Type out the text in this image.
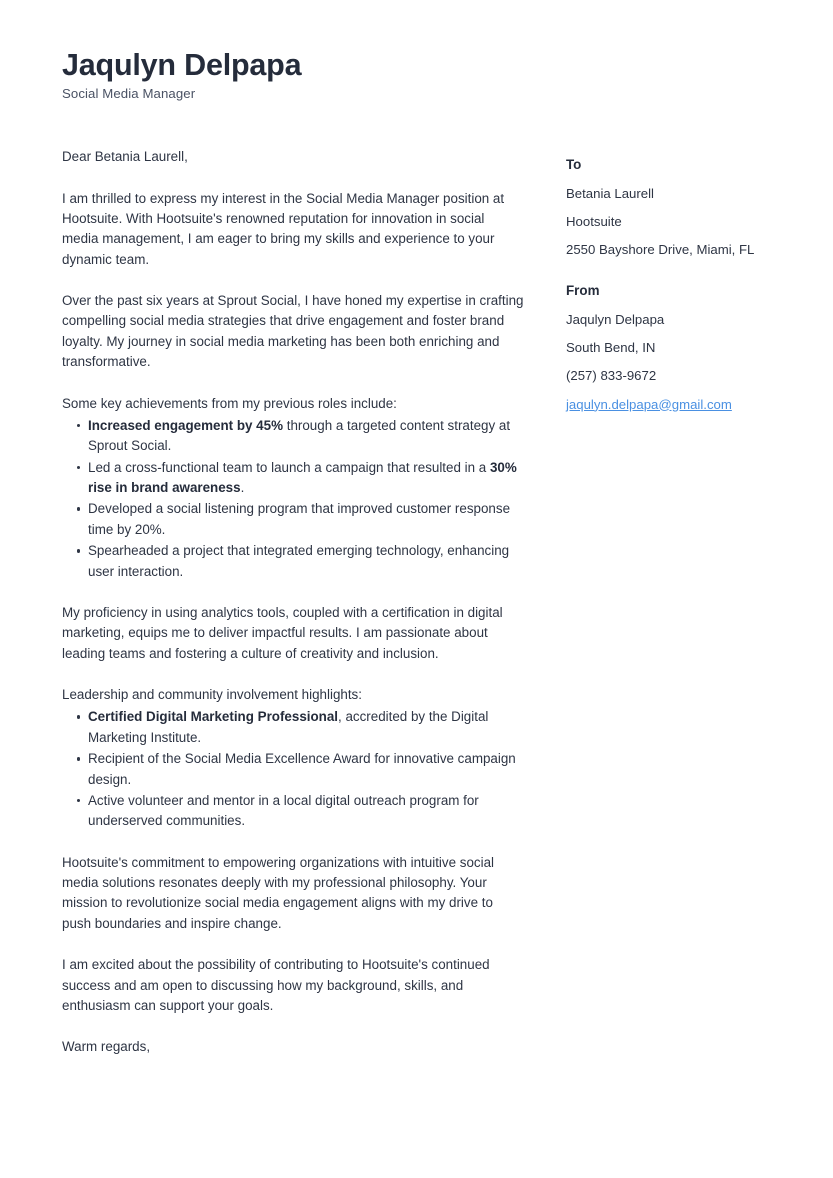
Jaqulyn Delpapa

Social Media Manager

Dear Betania Laurell,

I am thrilled to express my interest in the Social Media Manager position at Hootsuite. With Hootsuite's renowned reputation for innovation in social media management, I am eager to bring my skills and experience to your dynamic team.

Over the past six years at Sprout Social, I have honed my expertise in crafting compelling social media strategies that drive engagement and foster brand loyalty. My journey in social media marketing has been both enriching and transformative.

Some key achievements from my previous roles include:

Increased engagement by 45% through a targeted content strategy at Sprout Social.
Led a cross-functional team to launch a campaign that resulted in a 30% rise in brand awareness.
Developed a social listening program that improved customer response time by 20%.
Spearheaded a project that integrated emerging technology, enhancing user interaction.

My proficiency in using analytics tools, coupled with a certification in digital marketing, equips me to deliver impactful results. I am passionate about leading teams and fostering a culture of creativity and inclusion.

Leadership and community involvement highlights:

Certified Digital Marketing Professional, accredited by the Digital Marketing Institute.
Recipient of the Social Media Excellence Award for innovative campaign design.
Active volunteer and mentor in a local digital outreach program for underserved communities.

Hootsuite's commitment to empowering organizations with intuitive social media solutions resonates deeply with my professional philosophy. Your mission to revolutionize social media engagement aligns with my drive to push boundaries and inspire change.

I am excited about the possibility of contributing to Hootsuite's continued success and am open to discussing how my background, skills, and enthusiasm can support your goals.

Warm regards,

To

Betania Laurell

Hootsuite

2550 Bayshore Drive, Miami, FL

From

Jaqulyn Delpapa

South Bend, IN

(257) 833-9672

jaqulyn.delpapa@gmail.com
